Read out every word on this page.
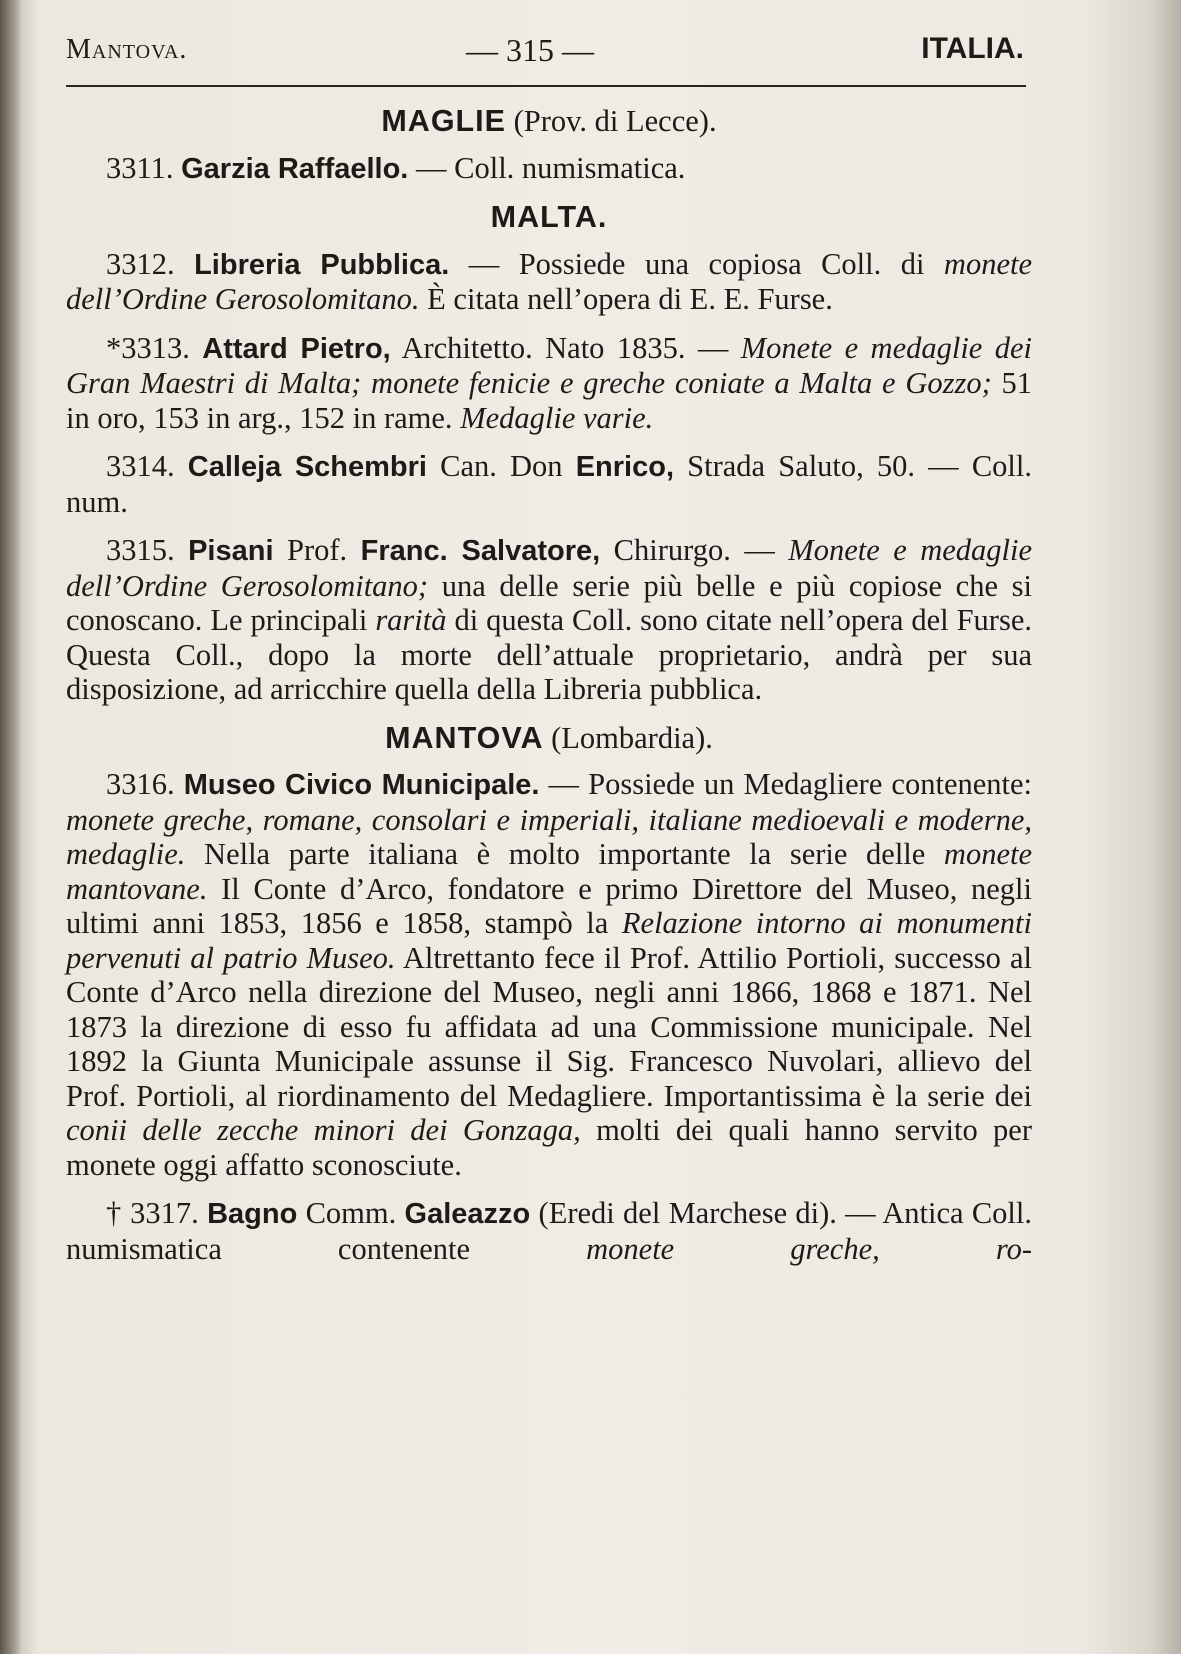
Mantova.	— 315 —	ITALIA.
MAGLIE (Prov. di Lecce).

3311. Garzia Raffaello. — Coll. numismatica.

MALTA.

3312. Libreria Pubblica. — Possiede una copiosa Coll. di monete dell’Ordine Gerosolomitano. È citata nell’opera di E. E. Furse.

*3313. Attard Pietro, Architetto. Nato 1835. — Monete e medaglie dei Gran Maestri di Malta; monete fenicie e greche coniate a Malta e Gozzo; 51 in oro, 153 in arg., 152 in rame. Medaglie varie.

3314. Calleja Schembri Can. Don Enrico, Strada Saluto, 50. — Coll. num.

3315. Pisani Prof. Franc. Salvatore, Chirurgo. — Monete e medaglie dell’Ordine Gerosolomitano; una delle serie più belle e più copiose che si conoscano. Le principali rarità di questa Coll. sono citate nell’opera del Furse. Questa Coll., dopo la morte dell’attuale proprietario, andrà per sua disposizione, ad arricchire quella della Libreria pubblica.

MANTOVA (Lombardia).

3316. Museo Civico Municipale. — Possiede un Medagliere contenente: monete greche, romane, consolari e imperiali, italiane medioevali e moderne, medaglie. Nella parte italiana è molto importante la serie delle monete mantovane. Il Conte d’Arco, fondatore e primo Direttore del Museo, negli ultimi anni 1853, 1856 e 1858, stampò la Relazione intorno ai monumenti pervenuti al patrio Museo. Altrettanto fece il Prof. Attilio Portioli, successo al Conte d’Arco nella direzione del Museo, negli anni 1866, 1868 e 1871. Nel 1873 la direzione di esso fu affidata ad una Commissione municipale. Nel 1892 la Giunta Municipale assunse il Sig. Francesco Nuvolari, allievo del Prof. Portioli, al riordinamento del Medagliere. Importantissima è la serie dei conii delle zecche minori dei Gonzaga, molti dei quali hanno servito per monete oggi affatto sconosciute.

† 3317. Bagno Comm. Galeazzo (Eredi del Marchese di). — Antica Coll. numismatica contenente monete greche, ro-
